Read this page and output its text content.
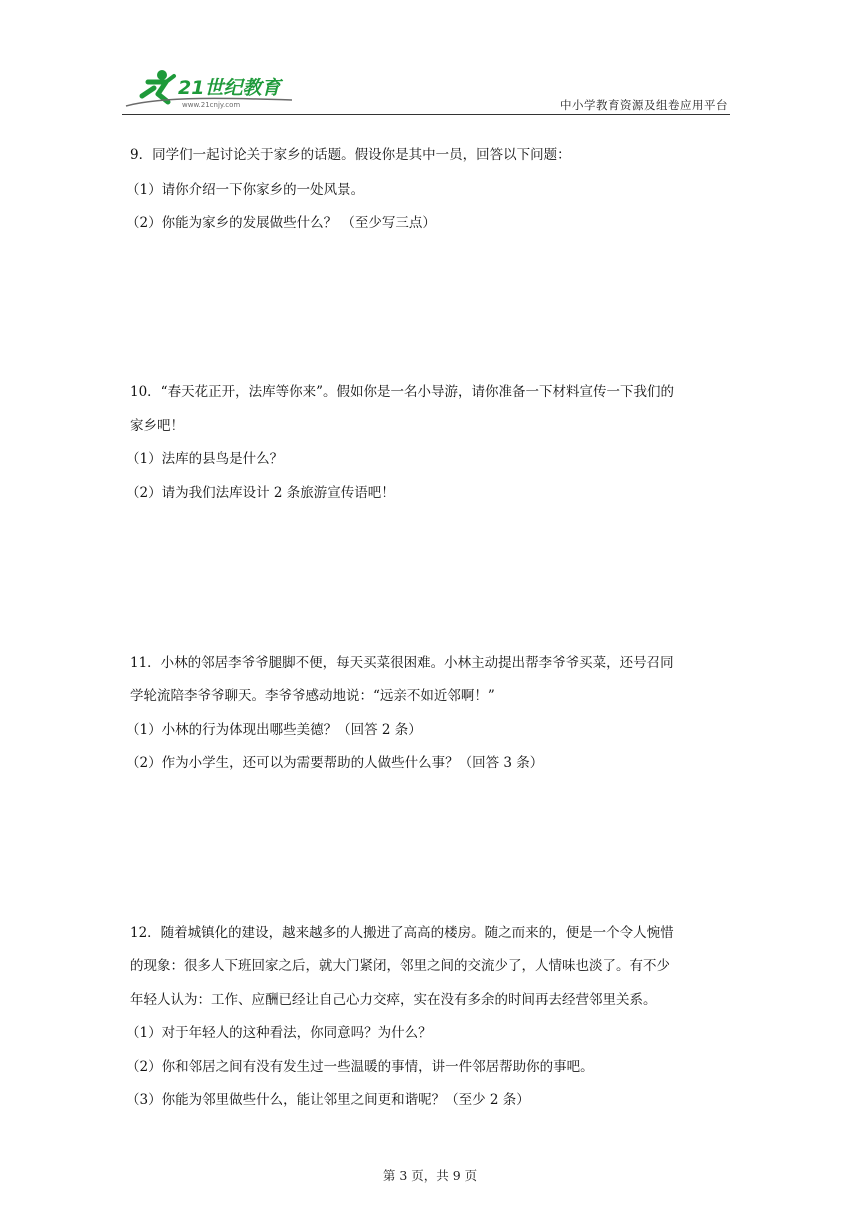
21世纪教育
www.21cnjy.com	中小学教育资源及组卷应用平台
9．同学们一起讨论关于家乡的话题。假设你是其中一员，回答以下问题：
（1）请你介绍一下你家乡的一处风景。
（2）你能为家乡的发展做些什么？ （至少写三点）
10．“春天花正开，法库等你来”。假如你是一名小导游，请你准备一下材料宣传一下我们的
家乡吧！
（1）法库的县鸟是什么？
（2）请为我们法库设计 2 条旅游宣传语吧！
11．小林的邻居李爷爷腿脚不便，每天买菜很困难。小林主动提出帮李爷爷买菜，还号召同
学轮流陪李爷爷聊天。李爷爷感动地说：“远亲不如近邻啊！”
（1）小林的行为体现出哪些美德？（回答 2 条）
（2）作为小学生，还可以为需要帮助的人做些什么事？（回答 3 条）
12．随着城镇化的建设，越来越多的人搬进了高高的楼房。随之而来的，便是一个令人惋惜
的现象：很多人下班回家之后，就大门紧闭，邻里之间的交流少了，人情味也淡了。有不少
年轻人认为：工作、应酬已经让自己心力交瘁，实在没有多余的时间再去经营邻里关系。
（1）对于年轻人的这种看法，你同意吗？为什么？
（2）你和邻居之间有没有发生过一些温暖的事情，讲一件邻居帮助你的事吧。
（3）你能为邻里做些什么，能让邻里之间更和谐呢？（至少 2 条）
第 3 页，共 9 页
